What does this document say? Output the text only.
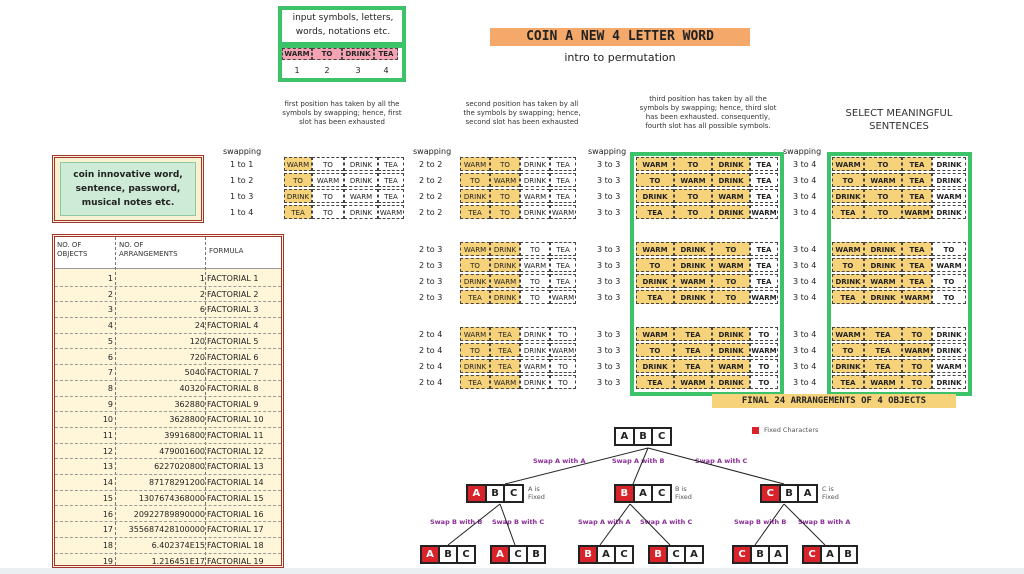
COIN A NEW 4 LETTER WORD
intro to permutation
input symbols, letters, words, notations etc.
WARM
1
TO
2
DRINK
3
TEA
4
coin innovative word, sentence, password, musical notes etc.
first position has taken by all the symbols by swapping; hence, first slot has been exhausted
second position has taken by all the symbols by swapping; hence, second slot has been exhausted
third position has taken by all the symbols by swapping; hence, third slot has been exhausted. consequently, fourth slot has all possible symbols.
SELECT MEANINGFUL SENTENCES
swapping	swapping	swapping	swapping
FINAL 24 ARRANGEMENTS OF 4 OBJECTS
1 to 1
1 to 2
1 to 3
1 to 4
WARM	TO	DRINK	TEA
TO	WARM	DRINK	TEA
DRINK	TO	WARM	TEA
TEA	TO	DRINK	WARM
2 to 2
2 to 2
2 to 2
2 to 2
WARM	TO	DRINK	TEA
TO	WARM	DRINK	TEA
DRINK	TO	WARM	TEA
TEA	TO	DRINK WARM
3 to 3
3 to 3
3 to 3
3 to 3
WARM	TO	DRINK	TEA
TO	WARM	DRINK	TEA
DRINK	TO	WARM	TEA
TEA	TO	DRINK	WARM
3 to 4
3 to 4
3 to 4
3 to 4
WARM	TO	TEA	DRINK
TO	WARM	TEA	DRINK
DRINK	TO	TEA	WARM
TEA	TO	WARM DRINK
2 to 3
2 to 3
2 to 3
2 to 3
WARM	DRINK	TO	TEA
TO	DRINK	WARM	TEA
DRINK	WARM	TO	TEA
TEA	DRINK	TO	WARM
3 to 3
3 to 3
3 to 3
3 to 3
WARM	DRINK	TO	TEA
TO	DRINK	WARM	TEA
DRINK	WARM	TO	TEA
TEA	DRINK	TO	WARM
3 to 4
3 to 4
3 to 4
3 to 4
WARM	DRINK	TEA	TO
TO	DRINK	TEA	WARM
DRINK	WARM	TEA	TO
TEA	DRINK	WARM	TO
2 to 4
2 to 4
2 to 4
2 to 4
WARM	TEA	DRINK	TO
TO	TEA	DRINK WARM
DRINK	TEA	WARM	TO
TEA	WARM	DRINK	TO
3 to 3
3 to 3
3 to 3
3 to 3
WARM	TEA	DRINK	TO
TO	TEA	DRINK	WARM
DRINK	TEA	WARM	TO
TEA	WARM	DRINK	TO
3 to 4
3 to 4
3 to 4
3 to 4
WARM	TEA	TO	DRINK
TO	TEA	WARM DRINK
DRINK	TEA	TO	WARM
TEA	WARM	TO	DRINK
NO. OF OBJECTS
NO. OF ARRANGEMENTS	FORMULA
1	1 FACTORIAL 1
2	2 FACTORIAL 2
3	6 FACTORIAL 3
4	24 FACTORIAL 4
5	120 FACTORIAL 5
6	720 FACTORIAL 6
7	5040 FACTORIAL 7
8	40320 FACTORIAL 8
9	362880 FACTORIAL 9
10	3628800 FACTORIAL 10
11	39916800 FACTORIAL 11
12	479001600 FACTORIAL 12
13	6227020800 FACTORIAL 13
14	87178291200 FACTORIAL 14
15	1307674368000 FACTORIAL 15
16	20922789890000 FACTORIAL 16
17	355687428100000 FACTORIAL 17
18	6.402374E15 FACTORIAL 18
19	1.216451E17 FACTORIAL 19
A	B	C
A	B	C	B	A	C	C	B	A
A	B	C	A	C	B	B	A	C	B	C	A	C	B	A	C	A	B
Swap A with A	Swap A with B	Swap A with C
A is Fixed
B is Fixed
C is Fixed
Swap B with B Swap B with C	Swap A with A Swap A with C	Swap B with B Swap B with A
Fixed Characters
